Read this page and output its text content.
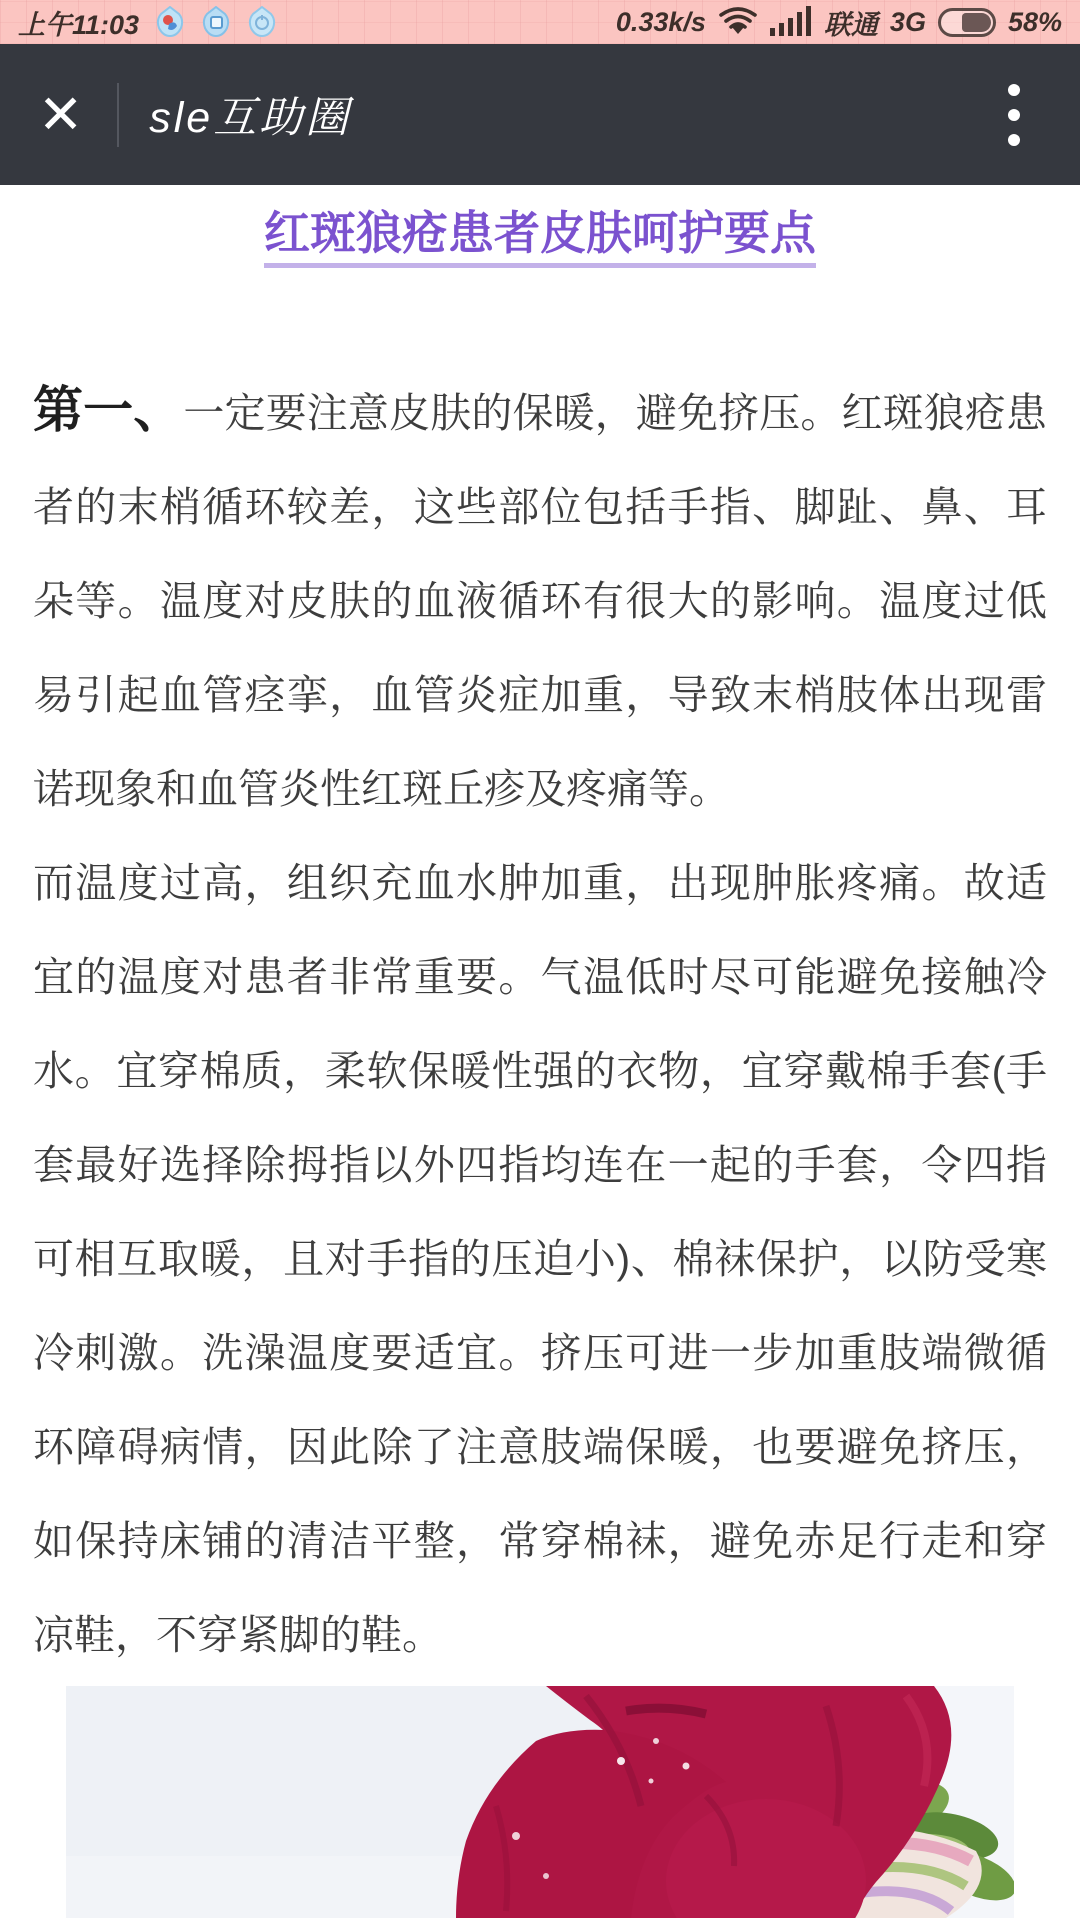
上午11:03	0.33k/s	联通 3G	58%
✕ sle互助圈
红斑狼疮患者皮肤呵护要点

第一、一定要注意皮肤的保暖，避免挤压。红斑狼疮患者的末梢循环较差，这些部位包括手指、脚趾、鼻、耳朵等。温度对皮肤的血液循环有很大的影响。温度过低易引起血管痉挛，血管炎症加重，导致末梢肢体出现雷诺现象和血管炎性红斑丘疹及疼痛等。

而温度过高，组织充血水肿加重，出现肿胀疼痛。故适宜的温度对患者非常重要。气温低时尽可能避免接触冷水。宜穿棉质，柔软保暖性强的衣物，宜穿戴棉手套(手套最好选择除拇指以外四指均连在一起的手套，令四指可相互取暖，且对手指的压迫小)、棉袜保护，以防受寒冷刺激。洗澡温度要适宜。挤压可进一步加重肢端微循环障碍病情，因此除了注意肢端保暖，也要避免挤压，如保持床铺的清洁平整，常穿棉袜，避免赤足行走和穿凉鞋，不穿紧脚的鞋。
